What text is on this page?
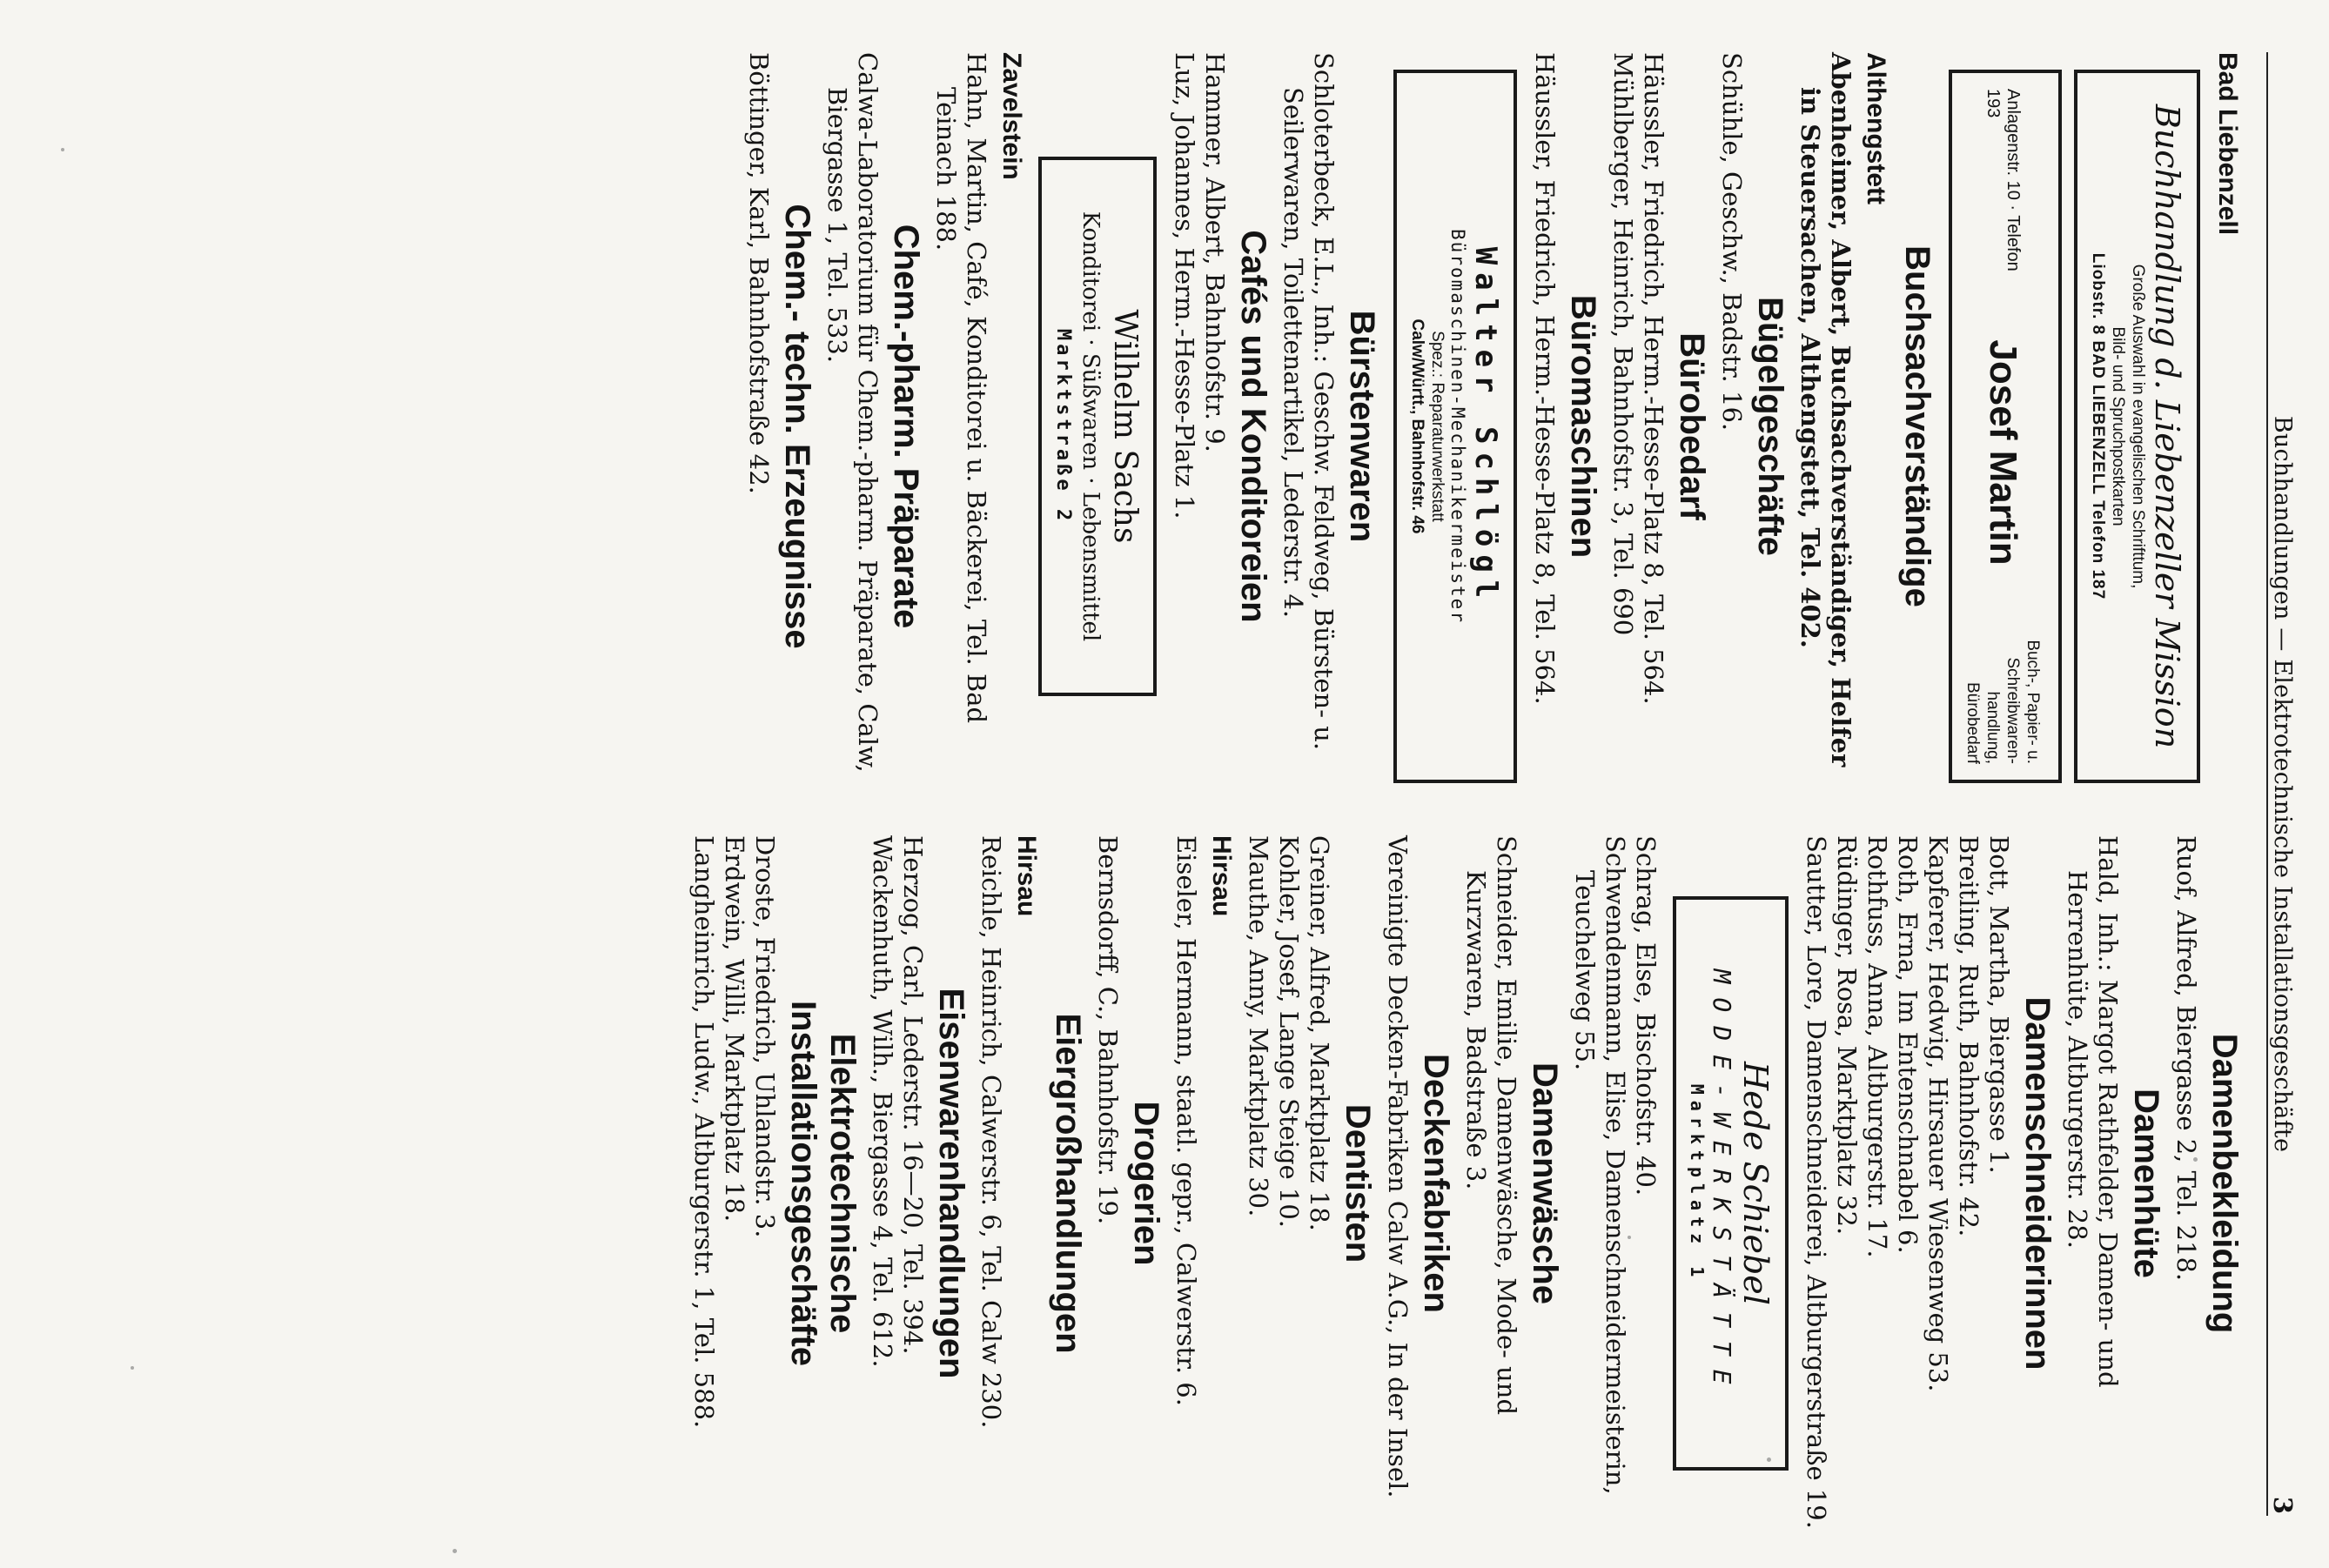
Buchhandlungen — Elektrotechnische Installationsgeschäfte
3
Bad Liebenzell
Buchhandlung d. Liebenzeller Mission
Große Auswahl in evangelischen Schrifttum,
Bild- und Spruchpostkarten
Liobstr. 8 BAD LIEBENZELL Telefon 187
Anlagenstr. 10 · Telefon 193
Josef Martin
Buch-, Papier- u. Schreibwaren-handlung, Bürobedarf
Buchsachverständige
Althengstett

Abenheimer, Albert, Buchsachverständiger, Helfer in Steuersachen, Althengstett, Tel. 402.

Bügelgeschäfte

Schühle, Geschw., Badstr. 16.

Bürobedarf

Häussler, Friedrich, Herm.-Hesse-Platz 8, Tel. 564.

Mühlberger, Heinrich, Bahnhofstr. 3, Tel. 690

Büromaschinen

Häussler, Friedrich, Herm.-Hesse-Platz 8, Tel. 564.

Walter Schlögl
Büromaschinen-Mechanikermeister
Spez.: Reparaturwerkstatt
Calw/Württ., Bahnhofstr. 46
Bürstenwaren

Schloterbeck, E.L., Inh.: Geschw. Feldweg, Bürsten- u. Seilerwaren, Toilettenartikel, Lederstr. 4.

Cafés und Konditoreien

Hammer, Albert, Bahnhofstr. 9.

Luz, Johannes, Herm.-Hesse-Platz 1.

Wilhelm Sachs
Konditorei · Süßwaren · Lebensmittel
Marktstraße 2
Zavelstein

Hahn, Martin, Café, Konditorei u. Bäckerei, Tel. Bad Teinach 188.

Chem.-pharm. Präparate

Calwa-Laboratorium für Chem.-pharm. Präparate, Calw, Biergasse 1, Tel. 533.

Chem.- techn. Erzeugnisse

Böttinger, Karl, Bahnhofstraße 42.

Damenbekleidung

Ruof, Alfred, Biergasse 2, Tel. 218.

Damenhüte

Hald, Inh.: Margot Rathfelder, Damen- und Herrenhüte, Altburgerstr. 28.

Damenschneiderinnen

Bott, Martha, Biergasse 1.

Breitling, Ruth, Bahnhofstr. 42.

Kapferer, Hedwig, Hirsauer Wiesenweg 53.

Roth, Erna, Im Entenschnabel 6.

Rothfuss, Anna, Altburgerstr. 17.

Rüdinger, Rosa, Marktplatz 32.

Sautter, Lore, Damenschneiderei, Altburgerstraße 19.

Hede Schiebel
MODE-WERKSTÄTTE
Marktplatz 1

Schrag, Else, Bischofstr. 40.

Schwendenmann, Elise, Damenschneidermeisterin, Teuchelweg 55.

Damenwäsche

Schneider, Emilie, Damenwäsche, Mode- und Kurzwaren, Badstraße 3.

Deckenfabriken

Vereinigte Decken-Fabriken Calw A.G., In der Insel.

Dentisten

Greiner, Alfred, Marktplatz 18.

Kohler, Josef, Lange Steige 10.

Mauthe, Anny, Marktplatz 30.

Hirsau

Eiseler, Hermann, staatl. gepr., Calwerstr. 6.

Drogerien

Bernsdorff, C., Bahnhofstr. 19.

Eiergroßhandlungen
Hirsau

Reichle, Heinrich, Calwerstr. 6, Tel. Calw 230.

Eisenwarenhandlungen

Herzog, Carl, Lederstr. 16—20, Tel. 394.

Wackenhuth, Wilh., Biergasse 4, Tel. 612.

Elektrotechnische
Installationsgeschäfte

Droste, Friedrich, Uhlandstr. 3.

Erdwein, Willi, Marktplatz 18.

Langheinrich, Ludw., Altburgerstr. 1, Tel. 588.
